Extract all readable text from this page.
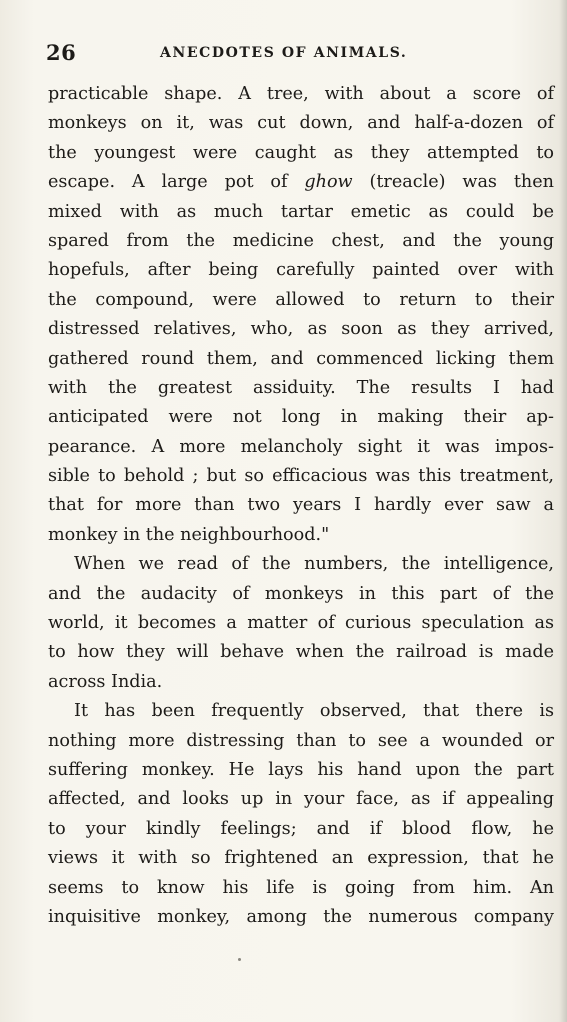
26	ANECDOTES OF ANIMALS.
practicable shape. A tree, with about a score of
monkeys on it, was cut down, and half-a-dozen of
the youngest were caught as they attempted to
escape. A large pot of ghow (treacle) was then
mixed with as much tartar emetic as could be
spared from the medicine chest, and the young
hopefuls, after being carefully painted over with
the compound, were allowed to return to their
distressed relatives, who, as soon as they arrived,
gathered round them, and commenced licking them
with the greatest assiduity. The results I had
anticipated were not long in making their ap-
pearance. A more melancholy sight it was impos-
sible to behold ; but so efficacious was this treatment,
that for more than two years I hardly ever saw a
monkey in the neighbourhood."
When we read of the numbers, the intelligence,
and the audacity of monkeys in this part of the
world, it becomes a matter of curious speculation as
to how they will behave when the railroad is made
across India.
It has been frequently observed, that there is
nothing more distressing than to see a wounded or
suffering monkey. He lays his hand upon the part
affected, and looks up in your face, as if appealing
to your kindly feelings; and if blood flow, he
views it with so frightened an expression, that he
seems to know his life is going from him. An
inquisitive monkey, among the numerous company
